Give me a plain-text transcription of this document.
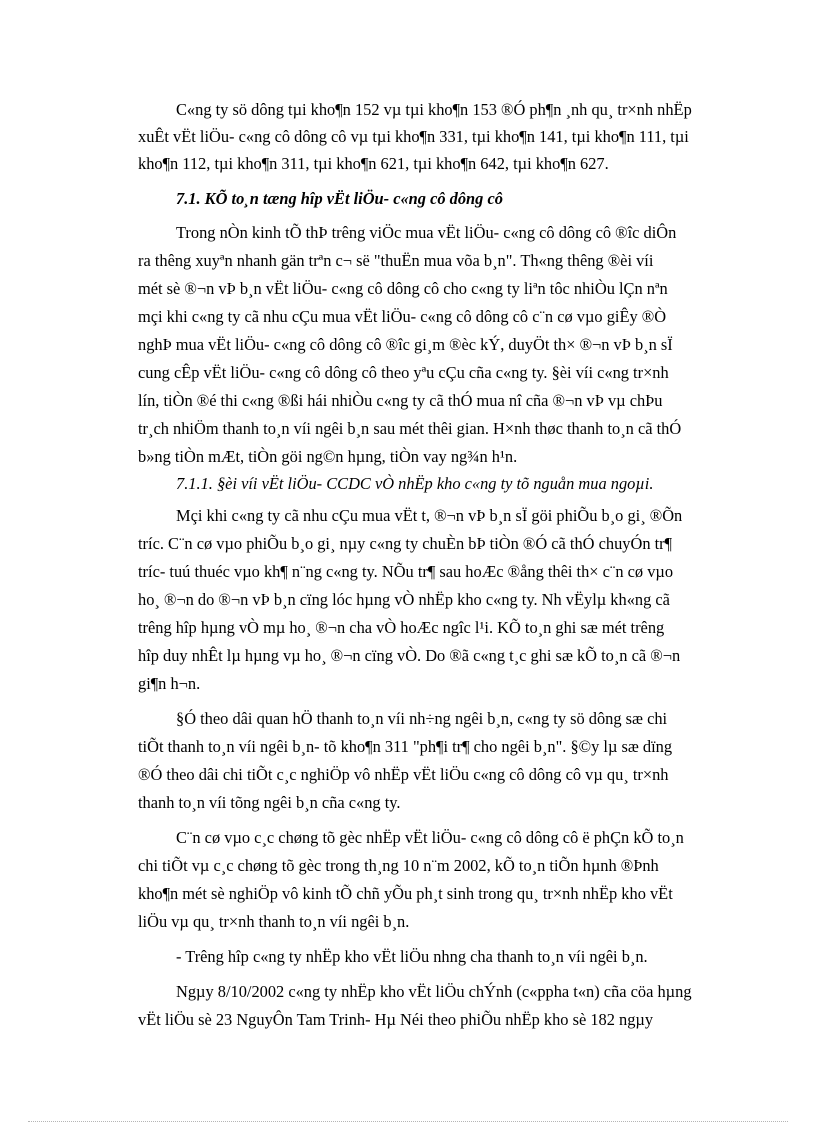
C«ng ty sö dông tµi kho¶n 152 vµ tµi kho¶n 153 ®Ó ph¶n ¸nh qu¸ tr×nh nhËp
xuÊt vËt liÖu- c«ng cô dông cô vµ tµi kho¶n 331, tµi kho¶n 141, tµi kho¶n 111, tµi
kho¶n 112, tµi kho¶n 311, tµi kho¶n 621, tµi kho¶n 642, tµi kho¶n 627.
7.1. KÕ to¸n tæng hîp vËt liÖu- c«ng cô dông cô
Trong nÒn kinh tÕ thÞ trêng viÖc mua vËt liÖu- c«ng cô dông cô ®îc diÔn
ra thêng xuyªn nhanh gän trªn c¬ së "thuËn mua võa b¸n". Th«ng thêng ®èi víi
mét sè ®¬n vÞ b¸n vËt liÖu- c«ng cô dông cô cho c«ng ty liªn tôc nhiÒu lÇn nªn
mçi khi c«ng ty cã nhu cÇu mua vËt liÖu- c«ng cô dông cô c¨n cø vµo giÊy ®Ò
nghÞ mua vËt liÖu- c«ng cô dông cô ®îc gi¸m ®èc kÝ, duyÖt th× ®¬n vÞ b¸n sÏ
cung cÊp vËt liÖu- c«ng cô dông cô theo yªu cÇu cña c«ng ty. §èi víi c«ng tr×nh
lín, tiÒn ®é thi c«ng ®ßi hái nhiÒu c«ng ty cã thÓ mua nî cña ®¬n vÞ vµ chÞu
tr¸ch nhiÖm thanh to¸n víi ngêi b¸n sau mét thêi gian. H×nh thøc thanh to¸n cã thÓ
b»ng tiÒn mÆt, tiÒn göi ng©n hµng, tiÒn vay ng¾n h¹n.
7.1.1. §èi víi vËt liÖu- CCDC vÒ nhËp kho c«ng ty tõ nguån mua ngoµi.
Mçi khi c«ng ty cã nhu cÇu mua vËt t, ®¬n vÞ b¸n sÏ göi phiÕu b¸o gi¸ ®Õn
tríc. C¨n cø vµo phiÕu b¸o gi¸ nµy c«ng ty chuÈn bÞ tiÒn ®Ó cã thÓ chuyÓn tr¶
tríc- tuú thuéc vµo kh¶ n¨ng c«ng ty. NÕu tr¶ sau hoÆc ®ång thêi th× c¨n cø vµo
ho¸ ®¬n do ®¬n vÞ b¸n cïng lóc hµng vÒ nhËp kho c«ng ty. Nh vËylµ kh«ng cã
trêng hîp hµng vÒ mµ ho¸ ®¬n cha vÒ hoÆc ngîc l¹i. KÕ to¸n ghi sæ mét trêng
hîp duy nhÊt lµ hµng vµ ho¸ ®¬n cïng vÒ. Do ®ã c«ng t¸c ghi sæ kÕ to¸n cã ®¬n
gi¶n h¬n.
§Ó theo dâi quan hÖ thanh to¸n víi nh÷ng ngêi b¸n, c«ng ty sö dông sæ chi
tiÕt thanh to¸n víi ngêi b¸n- tõ kho¶n 311 "ph¶i tr¶ cho ngêi b¸n". §©y lµ sæ dïng
®Ó theo dâi chi tiÕt c¸c nghiÖp vô nhËp vËt liÖu c«ng cô dông cô vµ qu¸ tr×nh
thanh to¸n víi tõng ngêi b¸n cña c«ng ty.
C¨n cø vµo c¸c chøng tõ gèc nhËp vËt liÖu- c«ng cô dông cô ë phÇn kÕ to¸n
chi tiÕt vµ c¸c chøng tõ gèc trong th¸ng 10 n¨m 2002, kÕ to¸n tiÕn hµnh ®Þnh
kho¶n mét sè nghiÖp vô kinh tÕ chñ yÕu ph¸t sinh trong qu¸ tr×nh nhËp kho vËt
liÖu vµ qu¸ tr×nh thanh to¸n víi ngêi b¸n.
- Trêng hîp c«ng ty nhËp kho vËt liÖu nhng cha thanh to¸n víi ngêi b¸n.
Ngµy 8/10/2002 c«ng ty nhËp kho vËt liÖu chÝnh (c«ppha t«n) cña cöa hµng
vËt liÖu sè 23 NguyÔn Tam Trinh- Hµ Néi theo phiÕu nhËp kho sè 182 ngµy
